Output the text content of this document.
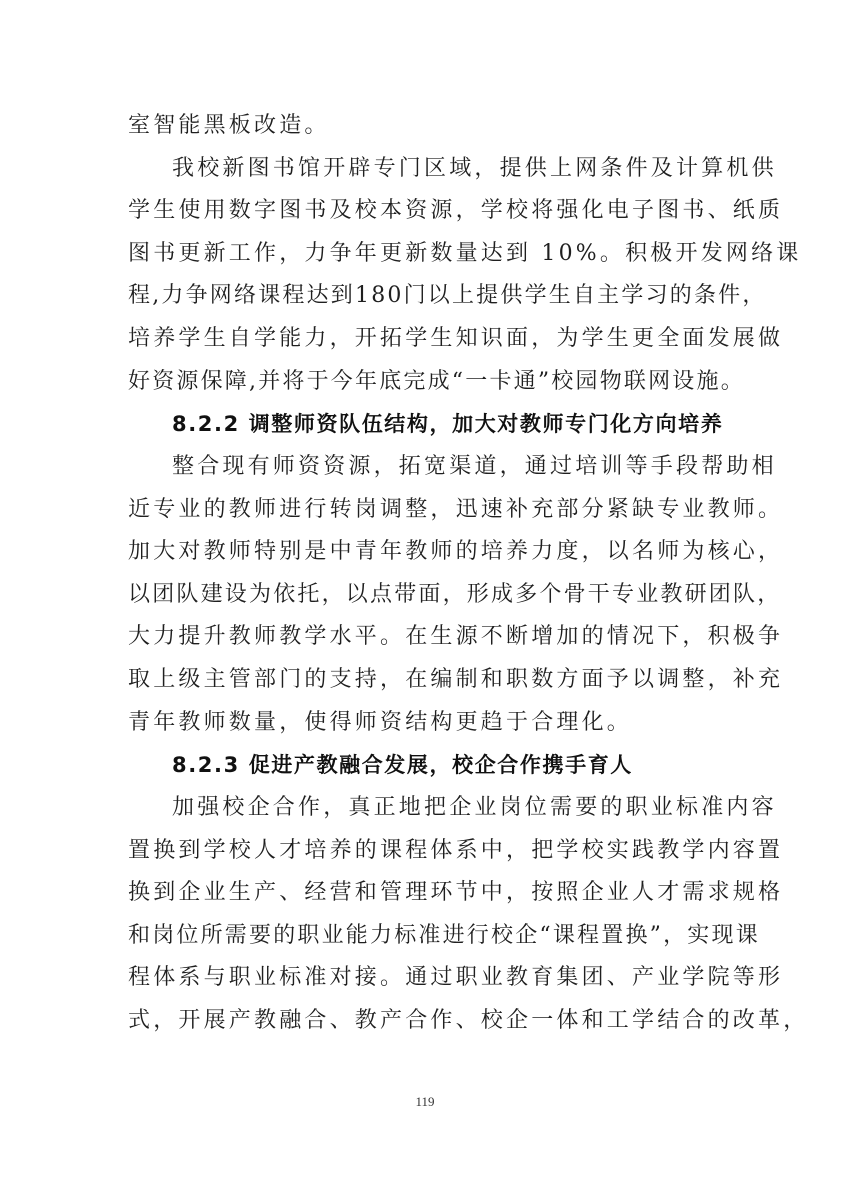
室智能黑板改造。
我校新图书馆开辟专门区域，提供上网条件及计算机供
学生使用数字图书及校本资源，学校将强化电子图书、纸质
图书更新工作，力争年更新数量达到 10%。积极开发网络课
程,力争网络课程达到180门以上提供学生自主学习的条件，
培养学生自学能力，开拓学生知识面，为学生更全面发展做
好资源保障,并将于今年底完成“一卡通”校园物联网设施。
8.2.2 调整师资队伍结构，加大对教师专门化方向培养
整合现有师资资源，拓宽渠道，通过培训等手段帮助相
近专业的教师进行转岗调整，迅速补充部分紧缺专业教师。
加大对教师特别是中青年教师的培养力度，以名师为核心，
以团队建设为依托，以点带面，形成多个骨干专业教研团队，
大力提升教师教学水平。在生源不断增加的情况下，积极争
取上级主管部门的支持，在编制和职数方面予以调整，补充
青年教师数量，使得师资结构更趋于合理化。
8.2.3 促进产教融合发展，校企合作携手育人
加强校企合作，真正地把企业岗位需要的职业标准内容
置换到学校人才培养的课程体系中，把学校实践教学内容置
换到企业生产、经营和管理环节中，按照企业人才需求规格
和岗位所需要的职业能力标准进行校企“课程置换”，实现课
程体系与职业标准对接。通过职业教育集团、产业学院等形
式，开展产教融合、教产合作、校企一体和工学结合的改革，
119
